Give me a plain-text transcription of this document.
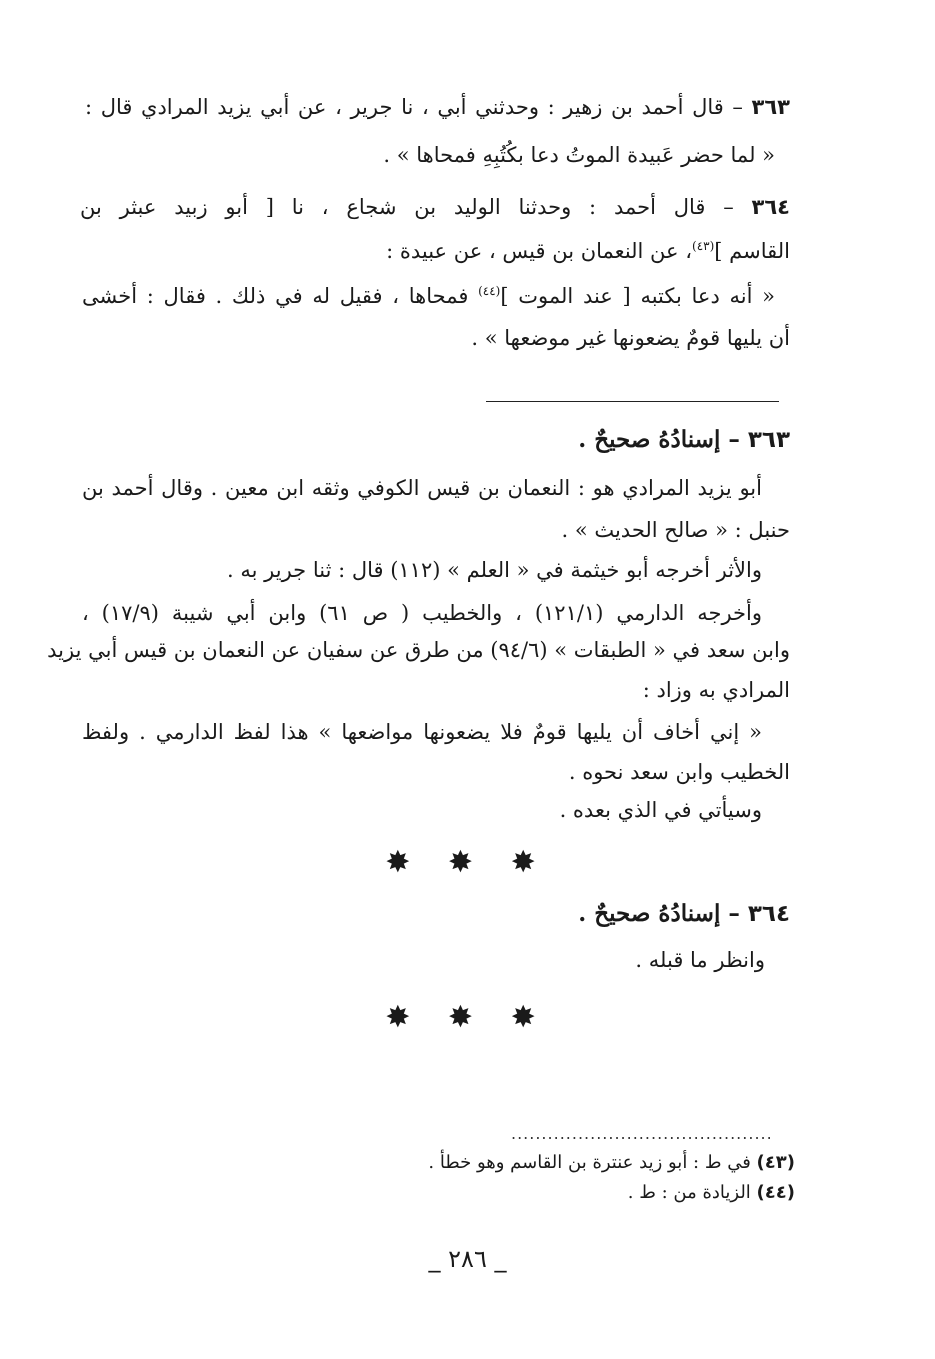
٣٦٣ – قال أحمد بن زهير : وحدثني أبي ، نا جرير ، عن أبي يزيد المرادي قال :
« لما حضر عَبيدة الموتُ دعا بكُتُبِهِ فمحاها » .
٣٦٤ – قال أحمد : وحدثنا الوليد بن شجاع ، نا [ أبو زبيد عبثر بن
القاسم ]$^{(٤٣)}$، عن النعمان بن قيس ، عن عبيدة :
« أنه دعا بكتبه [ عند الموت ]$^{(٤٤)}$ فمحاها ، فقيل له في ذلك . فقال : أخشى
أن يليها قومٌ يضعونها غير موضعها » .
٣٦٣ – إسنادُهُ صحيحٌ .
أبو يزيد المرادي هو : النعمان بن قيس الكوفي وثقه ابن معين . وقال أحمد بن
حنبل : « صالح الحديث » .
والأثر أخرجه أبو خيثمة في « العلم » (١١٢) قال : ثنا جرير به .
وأخرجه الدارمي (١٢١/١) ، والخطيب ( ص ٦١) وابن أبي شيبة (١٧/٩) ،
وابن سعد في « الطبقات » (٩٤/٦) من طرق عن سفيان عن النعمان بن قيس أبي يزيد
المرادي به وزاد :
« إني أخاف أن يليها قومٌ فلا يضعونها مواضعها » هذا لفظ الدارمي . ولفظ
الخطيب وابن سعد نحوه .
وسيأتي في الذي بعده .
✸ ✸ ✸
٣٦٤ – إسنادُهُ صحيحٌ .
وانظر ما قبله .
✸ ✸ ✸
...........................................
(٤٣) في ط : أبو زيد عنترة بن القاسم وهو خطأ .
(٤٤) الزيادة من : ط .
_ ٢٨٦ _
